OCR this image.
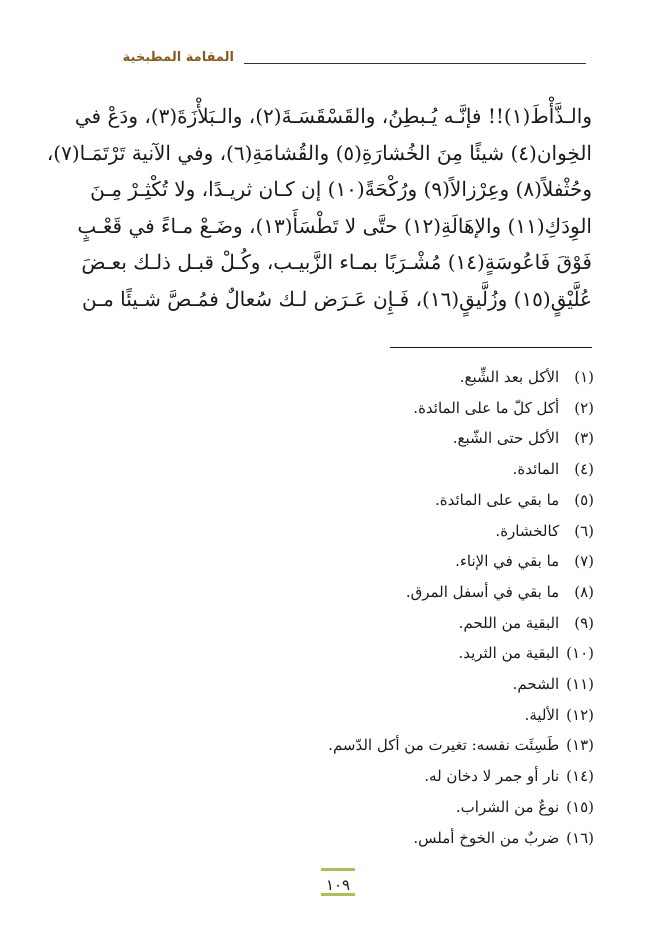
المقامة المطبخية
والـذَّأْطَ(١)!! فإنَّـه يُـبطِنُ، والقَسْقَسَـةَ(٢)، والـبَلأْزَةَ(٣)، ودَعْ في
الخِوان(٤) شيئًا مِنَ الخُشارَةِ(٥) والقُشامَةِ(٦)، وفي الآنية تَرْتَمَـا(٧)،
وحُثْفلاً(٨) وعِرْزالاً(٩) ورُكْحَةً(١٠) إن كـان ثريـدًا، ولا تُكْثِـرْ مِـنَ
الوِدَكِ(١١) والإهَالَةِ(١٢) حتَّى لا تَطْسَأَ(١٣)، وضَـعْ مـاءً في قَعْـبٍ
فَوْقَ فَاعُوسَةٍ(١٤) مُشْـرَبًا بمـاء الزَّبيـب، وكُـلْ قبـل ذلـك بعـضَ
عُلَّيْقٍ(١٥) وزُلَّيقٍ(١٦)، فَـإِن عَـرَض لـك سُعالٌ فمُـصَّ شـيئًا مـن
(١) الأكل بعد الشِّبع.
(٢) أكل كلّ ما على المائدة.
(٣) الأكل حتى الشّبع.
(٤) المائدة.
(٥) ما بقي على المائدة.
(٦) كالخشارة.
(٧) ما بقي في الإناء.
(٨) ما بقي في أسفل المرق.
(٩) البقية من اللحم.
(١٠) البقية من الثريد.
(١١) الشحم.
(١٢) الألية.
(١٣) طَسِئَت نفسه: تغيرت من أكل الدّسم.
(١٤) نار أو جمر لا دخان له.
(١٥) نوعٌ من الشراب.
(١٦) ضربٌ من الخوخ أملس.
١٠٩
